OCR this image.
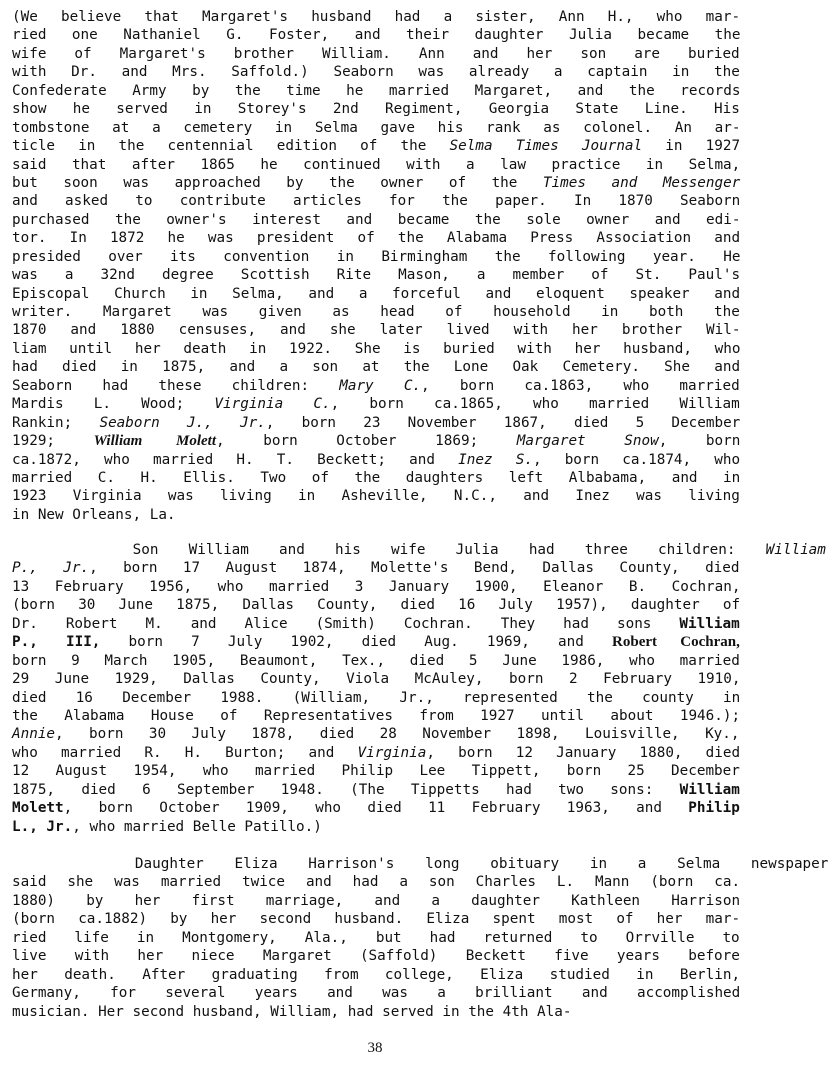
(We believe that Margaret's husband had a sister, Ann H., who mar-
ried one Nathaniel G. Foster, and their daughter Julia became the
wife of Margaret's brother William. Ann and her son are buried
with Dr. and Mrs. Saffold.) Seaborn was already a captain in the
Confederate Army by the time he married Margaret, and the records
show he served in Storey's 2nd Regiment, Georgia State Line. His
tombstone at a cemetery in Selma gave his rank as colonel. An ar-
ticle in the centennial edition of the Selma Times Journal in 1927
said that after 1865 he continued with a law practice in Selma,
but soon was approached by the owner of the Times and Messenger
and asked to contribute articles for the paper. In 1870 Seaborn
purchased the owner's interest and became the sole owner and edi-
tor. In 1872 he was president of the Alabama Press Association and
presided over its convention in Birmingham the following year. He
was a 32nd degree Scottish Rite Mason, a member of St. Paul's
Episcopal Church in Selma, and a forceful and eloquent speaker and
writer. Margaret was given as head of household in both the
1870 and 1880 censuses, and she later lived with her brother Wil-
liam until her death in 1922. She is buried with her husband, who
had died in 1875, and a son at the Lone Oak Cemetery. She and
Seaborn had these children: Mary C., born ca.1863, who married
Mardis L. Wood; Virginia C., born ca.1865, who married William
Rankin; Seaborn J., Jr., born 23 November 1867, died 5 December
1929; William Molett, born October 1869; Margaret Snow, born
ca.1872, who married H. T. Beckett; and Inez S., born ca.1874, who
married C. H. Ellis. Two of the daughters left Albabama, and in
1923 Virginia was living in Asheville, N.C., and Inez was living
in New Orleans, La.
Son William and his wife Julia had three children: William
P., Jr., born 17 August 1874, Molette's Bend, Dallas County, died
13 February 1956, who married 3 January 1900, Eleanor B. Cochran,
(born 30 June 1875, Dallas County, died 16 July 1957), daughter of
Dr. Robert M. and Alice (Smith) Cochran. They had sons William
P., III, born 7 July 1902, died Aug. 1969, and Robert Cochran,
born 9 March 1905, Beaumont, Tex., died 5 June 1986, who married
29 June 1929, Dallas County, Viola McAuley, born 2 February 1910,
died 16 December 1988. (William, Jr., represented the county in
the Alabama House of Representatives from 1927 until about 1946.);
Annie, born 30 July 1878, died 28 November 1898, Louisville, Ky.,
who married R. H. Burton; and Virginia, born 12 January 1880, died
12 August 1954, who married Philip Lee Tippett, born 25 December
1875, died 6 September 1948. (The Tippetts had two sons: William
Molett, born October 1909, who died 11 February 1963, and Philip
L., Jr., who married Belle Patillo.)
Daughter Eliza Harrison's long obituary in a Selma newspaper
said she was married twice and had a son Charles L. Mann (born ca.
1880) by her first marriage, and a daughter Kathleen Harrison
(born ca.1882) by her second husband. Eliza spent most of her mar-
ried life in Montgomery, Ala., but had returned to Orrville to
live with her niece Margaret (Saffold) Beckett five years before
her death. After graduating from college, Eliza studied in Berlin,
Germany, for several years and was a brilliant and accomplished
musician. Her second husband, William, had served in the 4th Ala-
38
